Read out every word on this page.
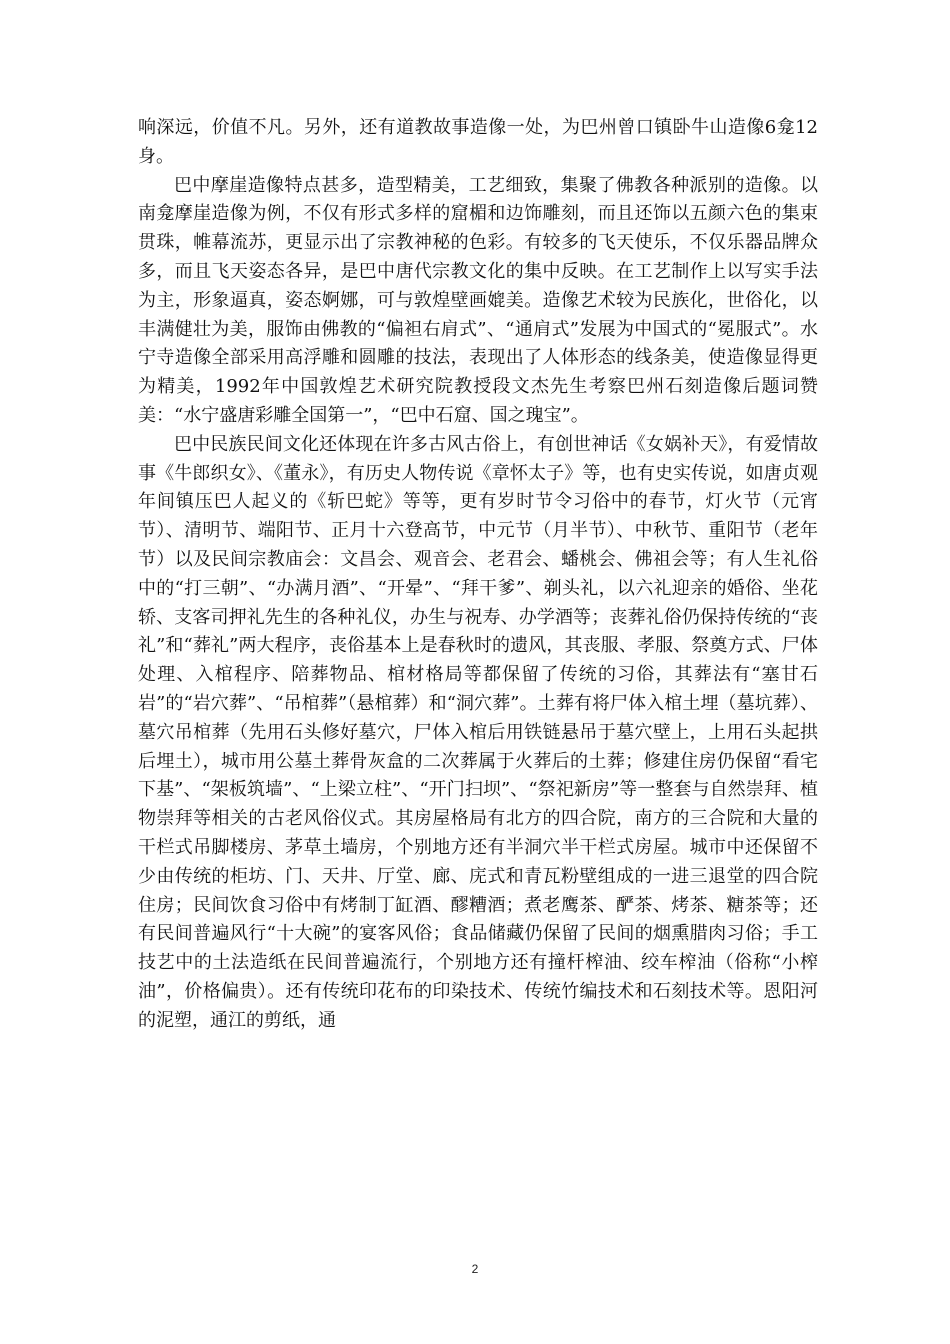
响深远，价值不凡。另外，还有道教故事造像一处，为巴州曾口镇卧牛山造像6龛12身。

巴中摩崖造像特点甚多，造型精美，工艺细致，集聚了佛教各种派别的造像。以南龛摩崖造像为例，不仅有形式多样的窟楣和边饰雕刻，而且还饰以五颜六色的集束贯珠，帷幕流苏，更显示出了宗教神秘的色彩。有较多的飞天使乐，不仅乐器品牌众多，而且飞天姿态各异，是巴中唐代宗教文化的集中反映。在工艺制作上以写实手法为主，形象逼真，姿态婀娜，可与敦煌壁画媲美。造像艺术较为民族化，世俗化，以丰满健壮为美，服饰由佛教的“偏袒右肩式”、“通肩式”发展为中国式的“冕服式”。水宁寺造像全部采用高浮雕和圆雕的技法，表现出了人体形态的线条美，使造像显得更为精美，1992年中国敦煌艺术研究院教授段文杰先生考察巴州石刻造像后题词赞美：“水宁盛唐彩雕全国第一”，“巴中石窟、国之瑰宝”。

巴中民族民间文化还体现在许多古风古俗上，有创世神话《女娲补天》，有爱情故事《牛郎织女》、《董永》，有历史人物传说《章怀太子》等，也有史实传说，如唐贞观年间镇压巴人起义的《斩巴蛇》等等，更有岁时节令习俗中的春节，灯火节（元宵节）、清明节、端阳节、正月十六登高节，中元节（月半节）、中秋节、重阳节（老年节）以及民间宗教庙会：文昌会、观音会、老君会、蟠桃会、佛祖会等；有人生礼俗中的“打三朝”、“办满月酒”、“开晕”、“拜干爹”、剃头礼，以六礼迎亲的婚俗、坐花轿、支客司押礼先生的各种礼仪，办生与祝寿、办学酒等；丧葬礼俗仍保持传统的“丧礼”和“葬礼”两大程序，丧俗基本上是春秋时的遗风，其丧服、孝服、祭奠方式、尸体处理、入棺程序、陪葬物品、棺材格局等都保留了传统的习俗，其葬法有“塞甘石岩”的“岩穴葬”、“吊棺葬”（悬棺葬）和“洞穴葬”。土葬有将尸体入棺土埋（墓坑葬）、墓穴吊棺葬（先用石头修好墓穴，尸体入棺后用铁链悬吊于墓穴壁上，上用石头起拱后埋土），城市用公墓土葬骨灰盒的二次葬属于火葬后的土葬；修建住房仍保留“看宅下基”、“架板筑墙”、“上梁立柱”、“开门扫坝”、“祭祀新房”等一整套与自然崇拜、植物崇拜等相关的古老风俗仪式。其房屋格局有北方的四合院，南方的三合院和大量的干栏式吊脚楼房、茅草土墙房，个别地方还有半洞穴半干栏式房屋。城市中还保留不少由传统的柜坊、门、天井、厅堂、廊、庑式和青瓦粉壁组成的一进三退堂的四合院住房；民间饮食习俗中有烤制丁缸酒、醪糟酒；煮老鹰茶、酽茶、烤茶、糖茶等；还有民间普遍风行“十大碗”的宴客风俗；食品储藏仍保留了民间的烟熏腊肉习俗；手工技艺中的土法造纸在民间普遍流行，个别地方还有撞杆榨油、绞车榨油（俗称“小榨油”，价格偏贵）。还有传统印花布的印染技术、传统竹编技术和石刻技术等。恩阳河的泥塑，通江的剪纸，通

2
